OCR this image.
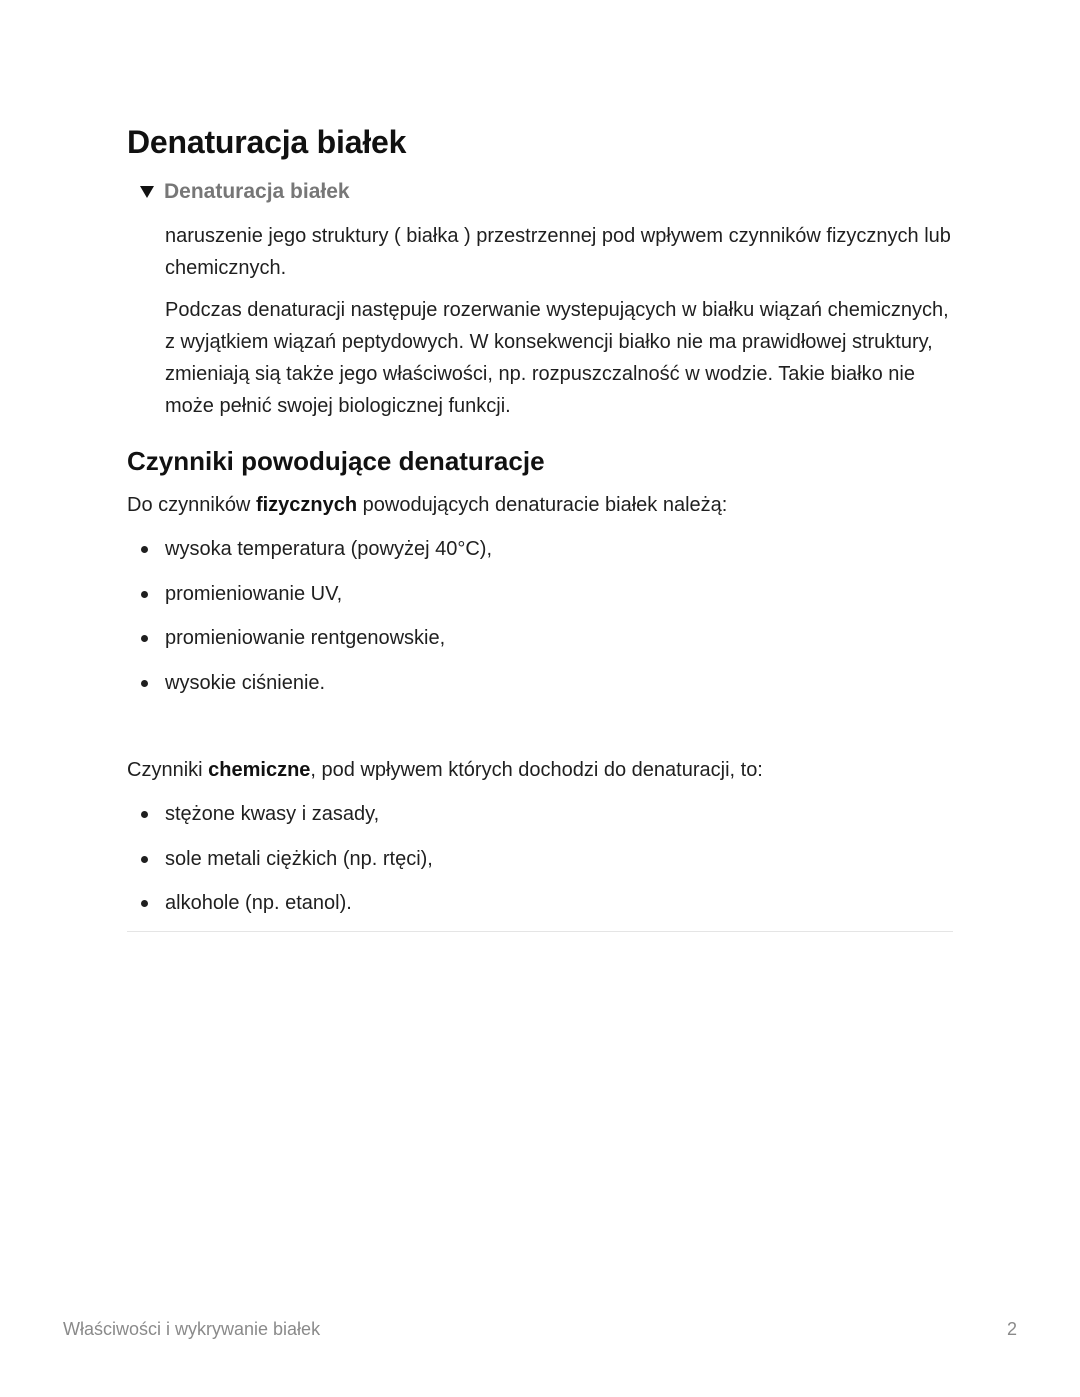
Denaturacja białek
Denaturacja białek

naruszenie jego struktury ( białka ) przestrzennej pod wpływem czynników fizycznych lub chemicznych.

Podczas denaturacji następuje rozerwanie wystepujących w białku wiązań chemicznych, z wyjątkiem wiązań peptydowych. W konsekwencji białko nie ma prawidłowej struktury, zmieniają sią także jego właściwości, np. rozpuszczalność w wodzie. Takie białko nie może pełnić swojej biologicznej funkcji.

Czynniki powodujące denaturacje

Do czynników fizycznych powodujących denaturacie białek należą:

wysoka temperatura (powyżej 40°C),
promieniowanie UV,
promieniowanie rentgenowskie,
wysokie ciśnienie.

Czynniki chemiczne, pod wpływem których dochodzi do denaturacji, to:

stężone kwasy i zasady,
sole metali ciężkich (np. rtęci),
alkohole (np. etanol).
Właściwości i wykrywanie białek	2
